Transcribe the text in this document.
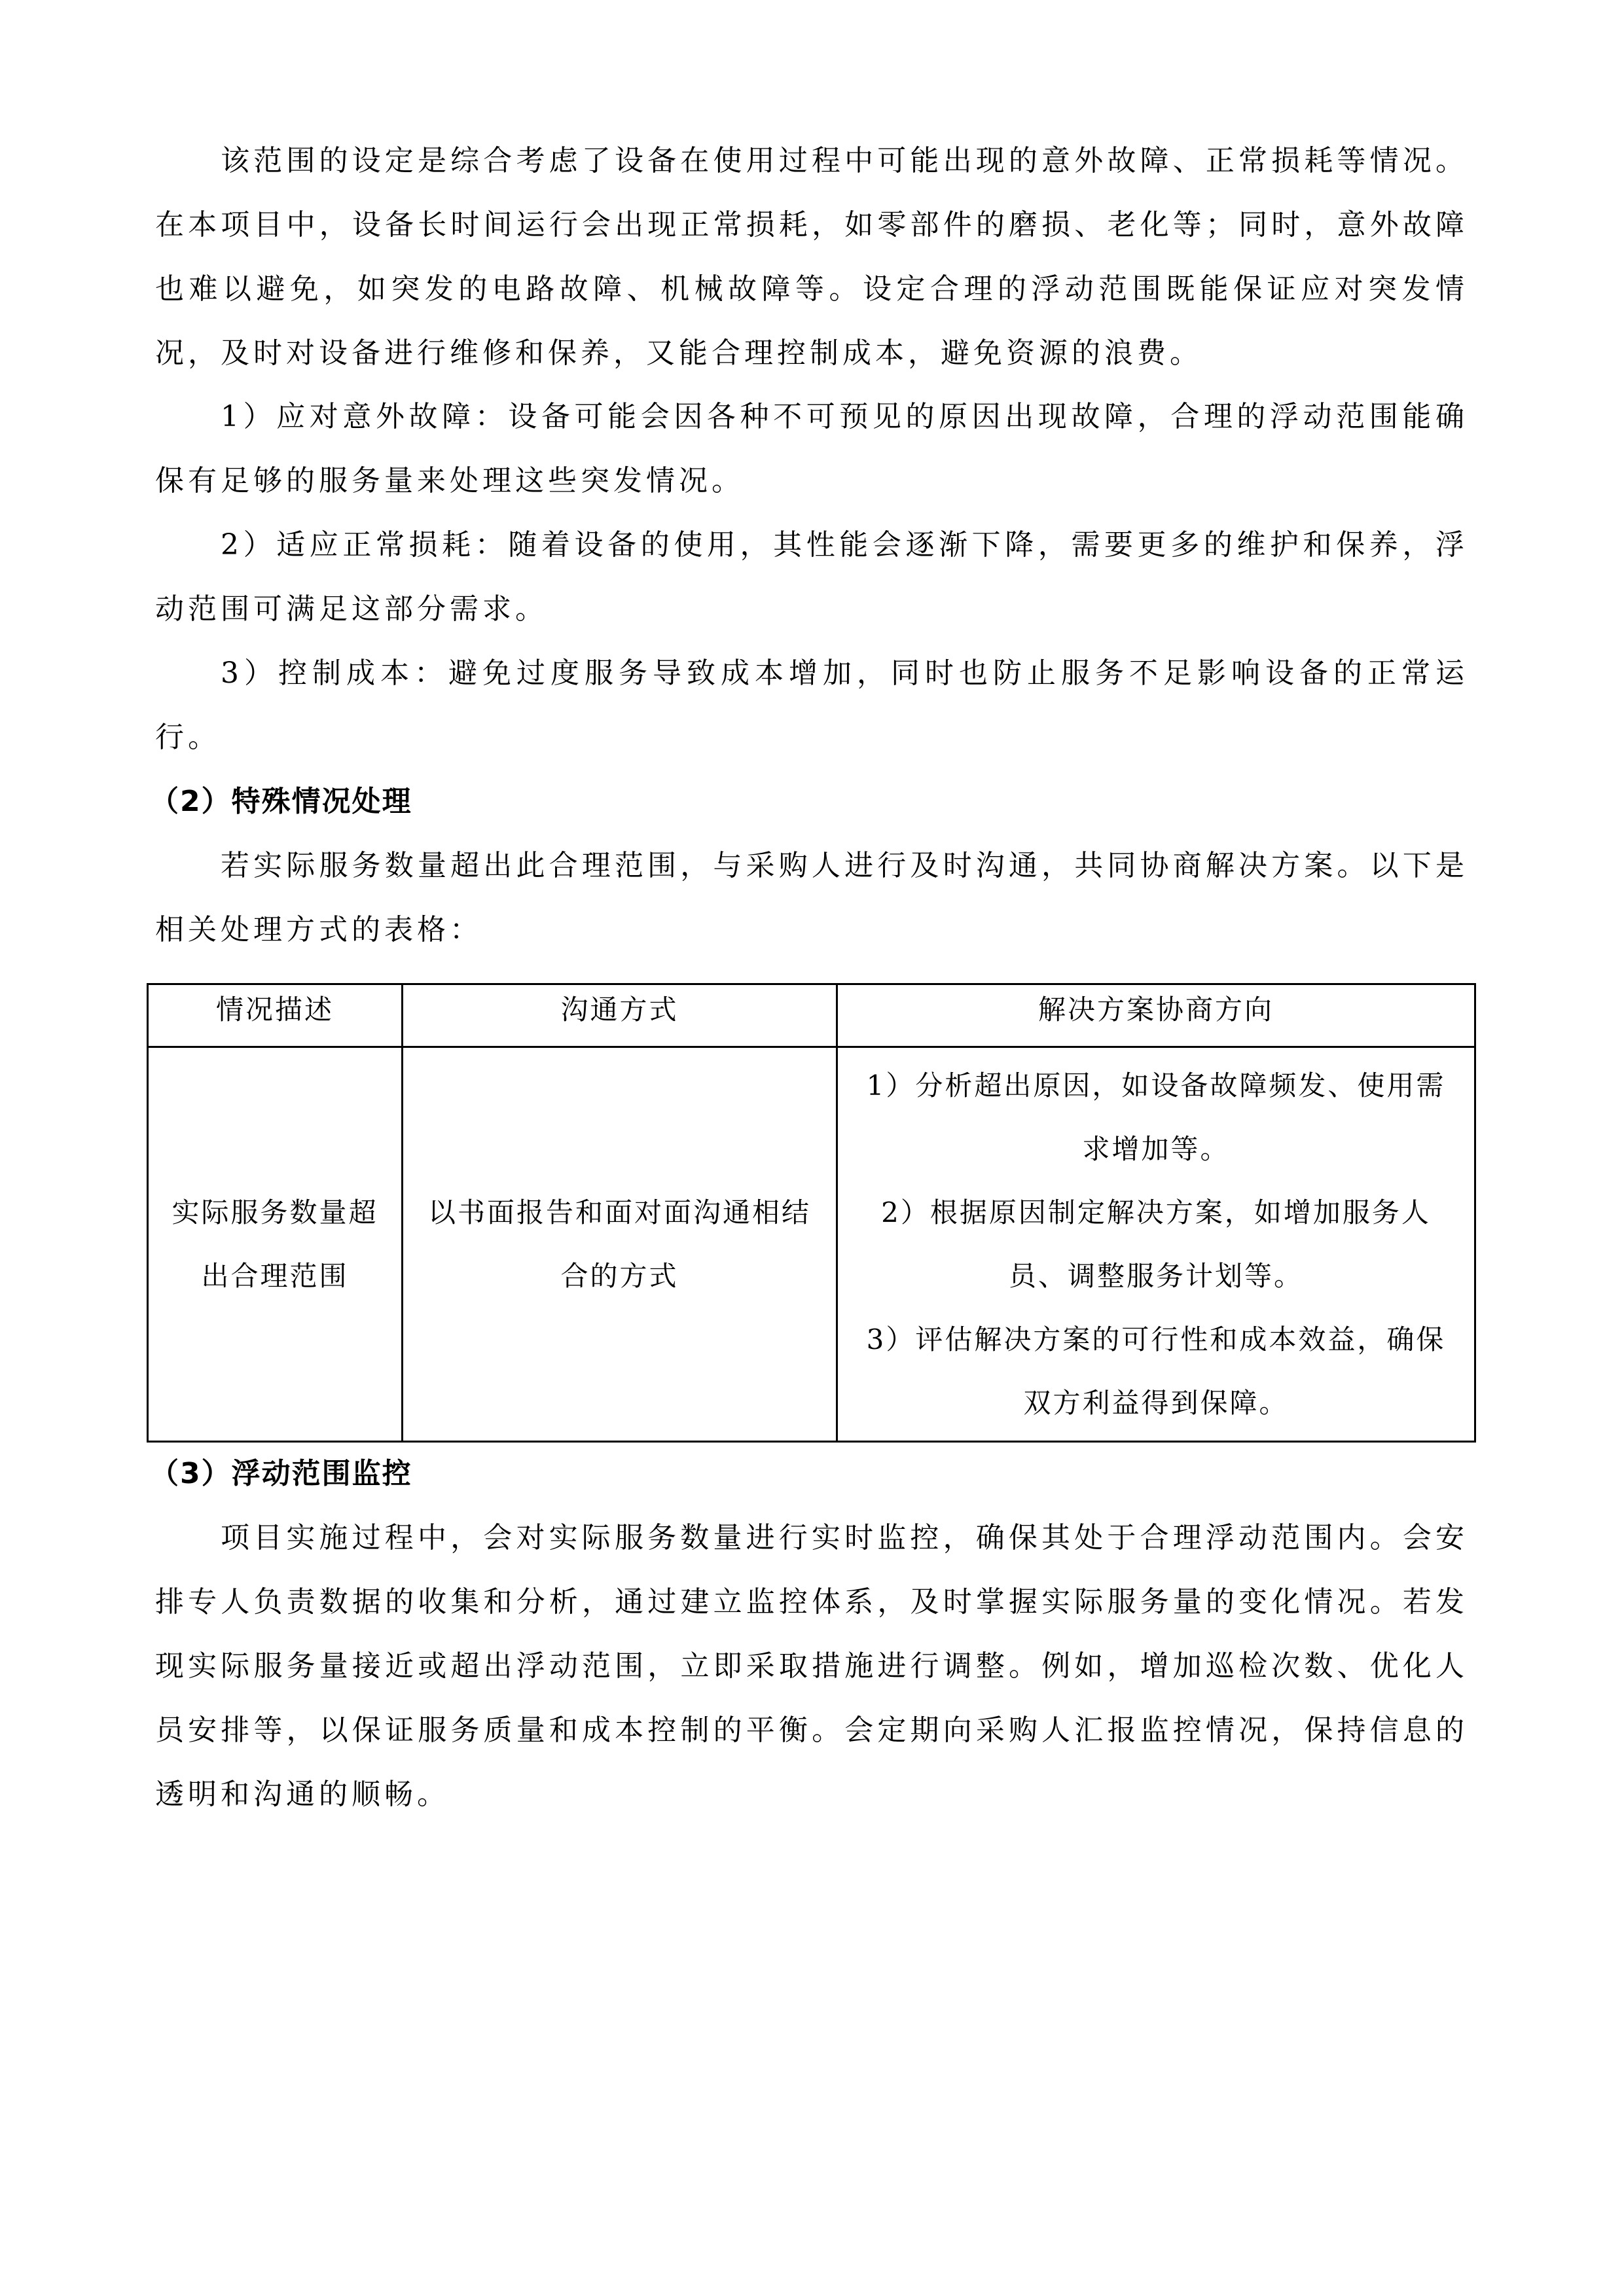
该范围的设定是综合考虑了设备在使用过程中可能出现的意外故障、正常损耗等情况。在本项目中，设备长时间运行会出现正常损耗，如零部件的磨损、老化等；同时，意外故障也难以避免，如突发的电路故障、机械故障等。设定合理的浮动范围既能保证应对突发情况，及时对设备进行维修和保养，又能合理控制成本，避免资源的浪费。

1）应对意外故障：设备可能会因各种不可预见的原因出现故障，合理的浮动范围能确保有足够的服务量来处理这些突发情况。

2）适应正常损耗：随着设备的使用，其性能会逐渐下降，需要更多的维护和保养，浮动范围可满足这部分需求。

3）控制成本：避免过度服务导致成本增加，同时也防止服务不足影响设备的正常运行。

（2）特殊情况处理

若实际服务数量超出此合理范围，与采购人进行及时沟通，共同协商解决方案。以下是相关处理方式的表格：

情况描述	沟通方式	解决方案协商方向
实际服务数量超出合理范围	以书面报告和面对面沟通相结合的方式	1）分析超出原因，如设备故障频发、使用需求增加等。
2）根据原因制定解决方案，如增加服务人员、调整服务计划等。
3）评估解决方案的可行性和成本效益，确保双方利益得到保障。
（3）浮动范围监控

项目实施过程中，会对实际服务数量进行实时监控，确保其处于合理浮动范围内。会安排专人负责数据的收集和分析，通过建立监控体系，及时掌握实际服务量的变化情况。若发现实际服务量接近或超出浮动范围，立即采取措施进行调整。例如，增加巡检次数、优化人员安排等，以保证服务质量和成本控制的平衡。会定期向采购人汇报监控情况，保持信息的透明和沟通的顺畅。
